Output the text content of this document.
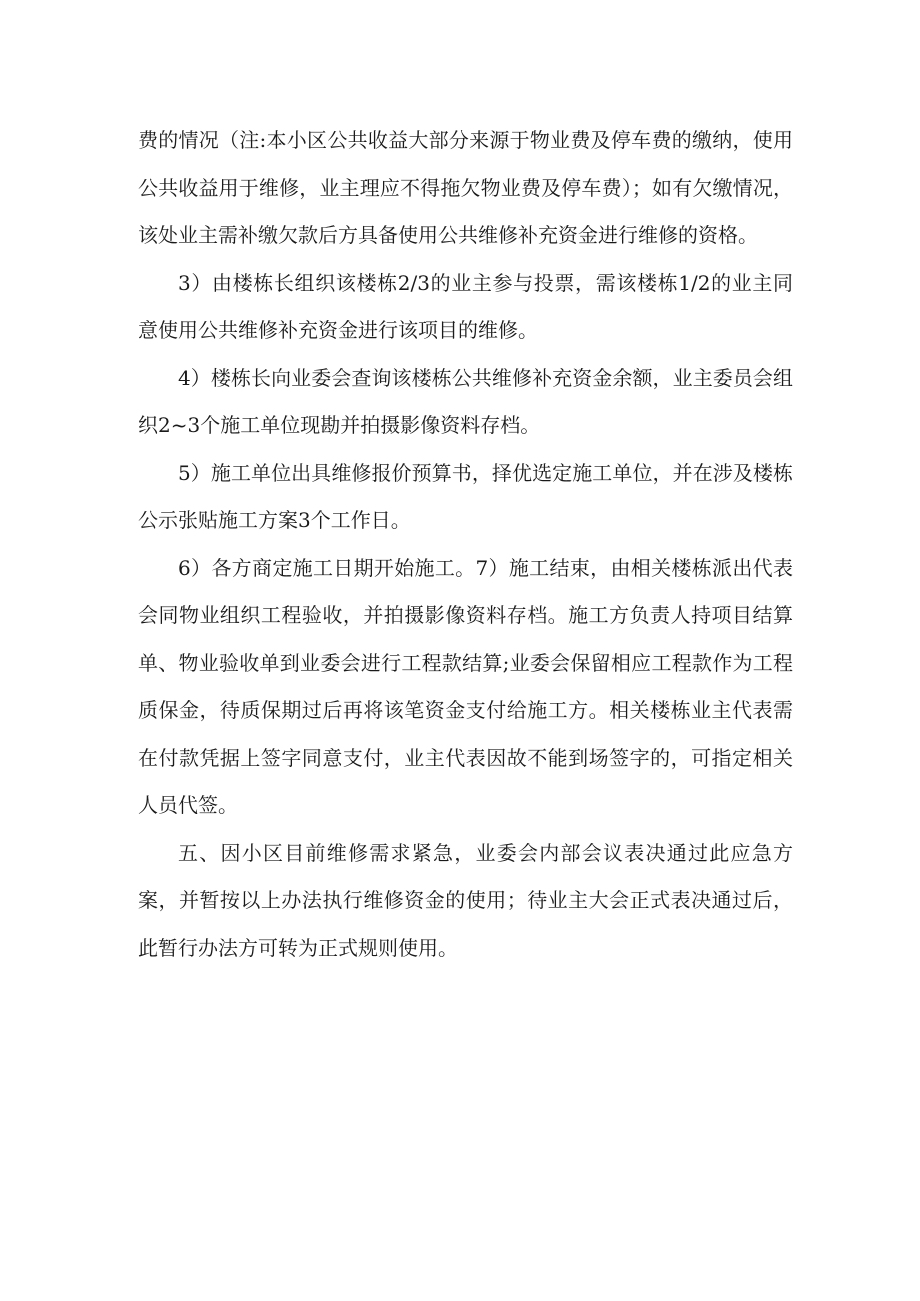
费的情况（注:本小区公共收益大部分来源于物业费及停车费的缴纳，使用公共收益用于维修，业主理应不得拖欠物业费及停车费）；如有欠缴情况，该处业主需补缴欠款后方具备使用公共维修补充资金进行维修的资格。

3）由楼栋长组织该楼栋2/3的业主参与投票，需该楼栋1/2的业主同意使用公共维修补充资金进行该项目的维修。

4）楼栋长向业委会查询该楼栋公共维修补充资金余额，业主委员会组织2~3个施工单位现勘并拍摄影像资料存档。

5）施工单位出具维修报价预算书，择优选定施工单位，并在涉及楼栋公示张贴施工方案3个工作日。

6）各方商定施工日期开始施工。7）施工结束，由相关楼栋派出代表会同物业组织工程验收，并拍摄影像资料存档。施工方负责人持项目结算单、物业验收单到业委会进行工程款结算;业委会保留相应工程款作为工程质保金，待质保期过后再将该笔资金支付给施工方。相关楼栋业主代表需在付款凭据上签字同意支付，业主代表因故不能到场签字的，可指定相关人员代签。

五、因小区目前维修需求紧急，业委会内部会议表决通过此应急方案，并暂按以上办法执行维修资金的使用；待业主大会正式表决通过后，此暂行办法方可转为正式规则使用。
